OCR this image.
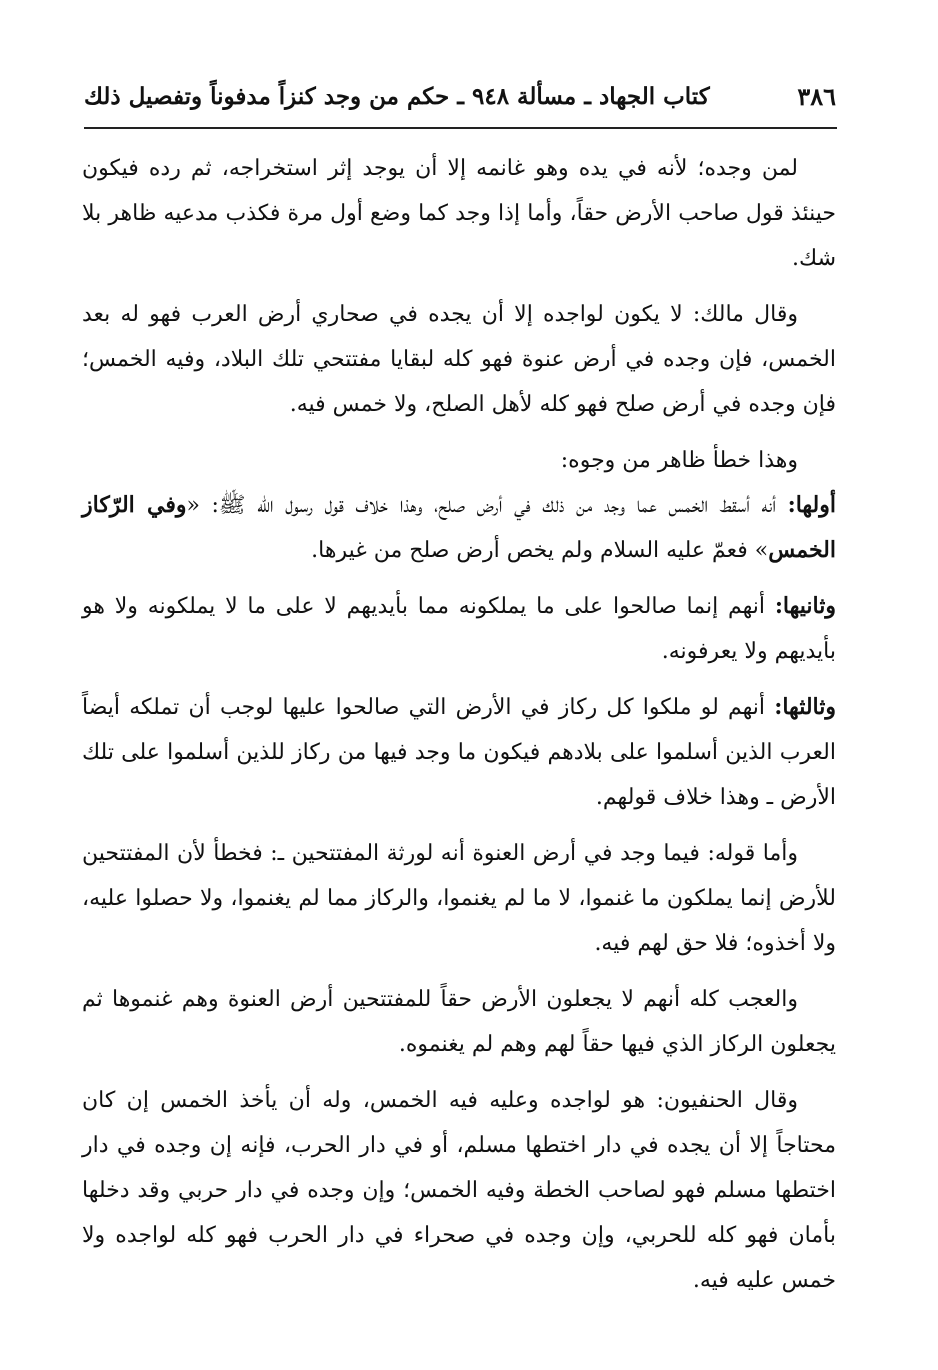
٣٨٦
كتاب الجهاد ـ مسألة ٩٤٨ ـ حكم من وجد كنزاً مدفوناً وتفصيل ذلك

لمن وجده؛ لأنه في يده وهو غانمه إلا أن يوجد إثر استخراجه، ثم رده فيكون حينئذ قول صاحب الأرض حقاً، وأما إذا وجد كما وضع أول مرة فكذب مدعيه ظاهر بلا شك.

وقال مالك: لا يكون لواجده إلا أن يجده في صحاري أرض العرب فهو له بعد الخمس، فإن وجده في أرض عنوة فهو كله لبقايا مفتتحي تلك البلاد، وفيه الخمس؛ فإن وجده في أرض صلح فهو كله لأهل الصلح، ولا خمس فيه.

وهذا خطأ ظاهر من وجوه:

أولها: أنه أسقط الخمس عما وجد من ذلك في أرض صلح، وهذا خلاف قول رسول الله ﷺ: «وفي الرّكاز الخمس» فعمّ عليه السلام ولم يخص أرض صلح من غيرها.

وثانيها: أنهم إنما صالحوا على ما يملكونه مما بأيديهم لا على ما لا يملكونه ولا هو بأيديهم ولا يعرفونه.

وثالثها: أنهم لو ملكوا كل ركاز في الأرض التي صالحوا عليها لوجب أن تملكه أيضاً العرب الذين أسلموا على بلادهم فيكون ما وجد فيها من ركاز للذين أسلموا على تلك الأرض ـ وهذا خلاف قولهم.

وأما قوله: فيما وجد في أرض العنوة أنه لورثة المفتتحين ـ: فخطأ لأن المفتتحين للأرض إنما يملكون ما غنموا، لا ما لم يغنموا، والركاز مما لم يغنموا، ولا حصلوا عليه، ولا أخذوه؛ فلا حق لهم فيه.

والعجب كله أنهم لا يجعلون الأرض حقاً للمفتتحين أرض العنوة وهم غنموها ثم يجعلون الركاز الذي فيها حقاً لهم وهم لم يغنموه.

وقال الحنفيون: هو لواجده وعليه فيه الخمس، وله أن يأخذ الخمس إن كان محتاجاً إلا أن يجده في دار اختطها مسلم، أو في دار الحرب، فإنه إن وجده في دار اختطها مسلم فهو لصاحب الخطة وفيه الخمس؛ وإن وجده في دار حربي وقد دخلها بأمان فهو كله للحربي، وإن وجده في صحراء في دار الحرب فهو كله لواجده ولا خمس عليه فيه.
